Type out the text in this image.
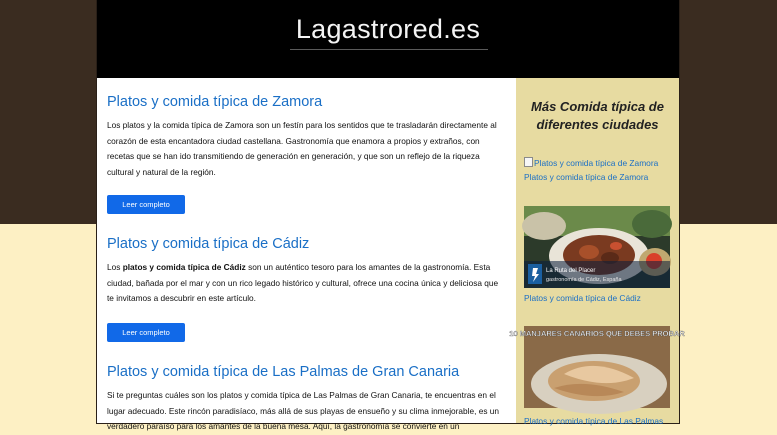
Lagastrored.es
Platos y comida típica de Zamora

Los platos y la comida típica de Zamora son un festín para los sentidos que te trasladarán directamente al corazón de esta encantadora ciudad castellana. Gastronomía que enamora a propios y extraños, con recetas que se han ido transmitiendo de generación en generación, y que son un reflejo de la riqueza cultural y natural de la región.

Leer completo
Platos y comida típica de Cádiz

Los platos y comida típica de Cádiz son un auténtico tesoro para los amantes de la gastronomía. Esta ciudad, bañada por el mar y con un rico legado histórico y cultural, ofrece una cocina única y deliciosa que te invitamos a descubrir en este artículo.

Leer completo
Platos y comida típica de Las Palmas de Gran Canaria

Si te preguntas cuáles son los platos y comida típica de Las Palmas de Gran Canaria, te encuentras en el lugar adecuado. Este rincón paradisíaco, más allá de sus playas de ensueño y su clima inmejorable, es un verdadero paraíso para los amantes de la buena mesa. Aquí, la gastronomía se convierte en un

Más Comida típica de diferentes ciudades
Platos y comida típica de Zamora
Platos y comida típica de Zamora
La Ruta del Placer
gastronomía de Cádiz, España
Platos y comida típica de Cádiz
10 MANJARES CANARIOS QUE DEBES PROBAR
Platos y comida típica de Las Palmas
